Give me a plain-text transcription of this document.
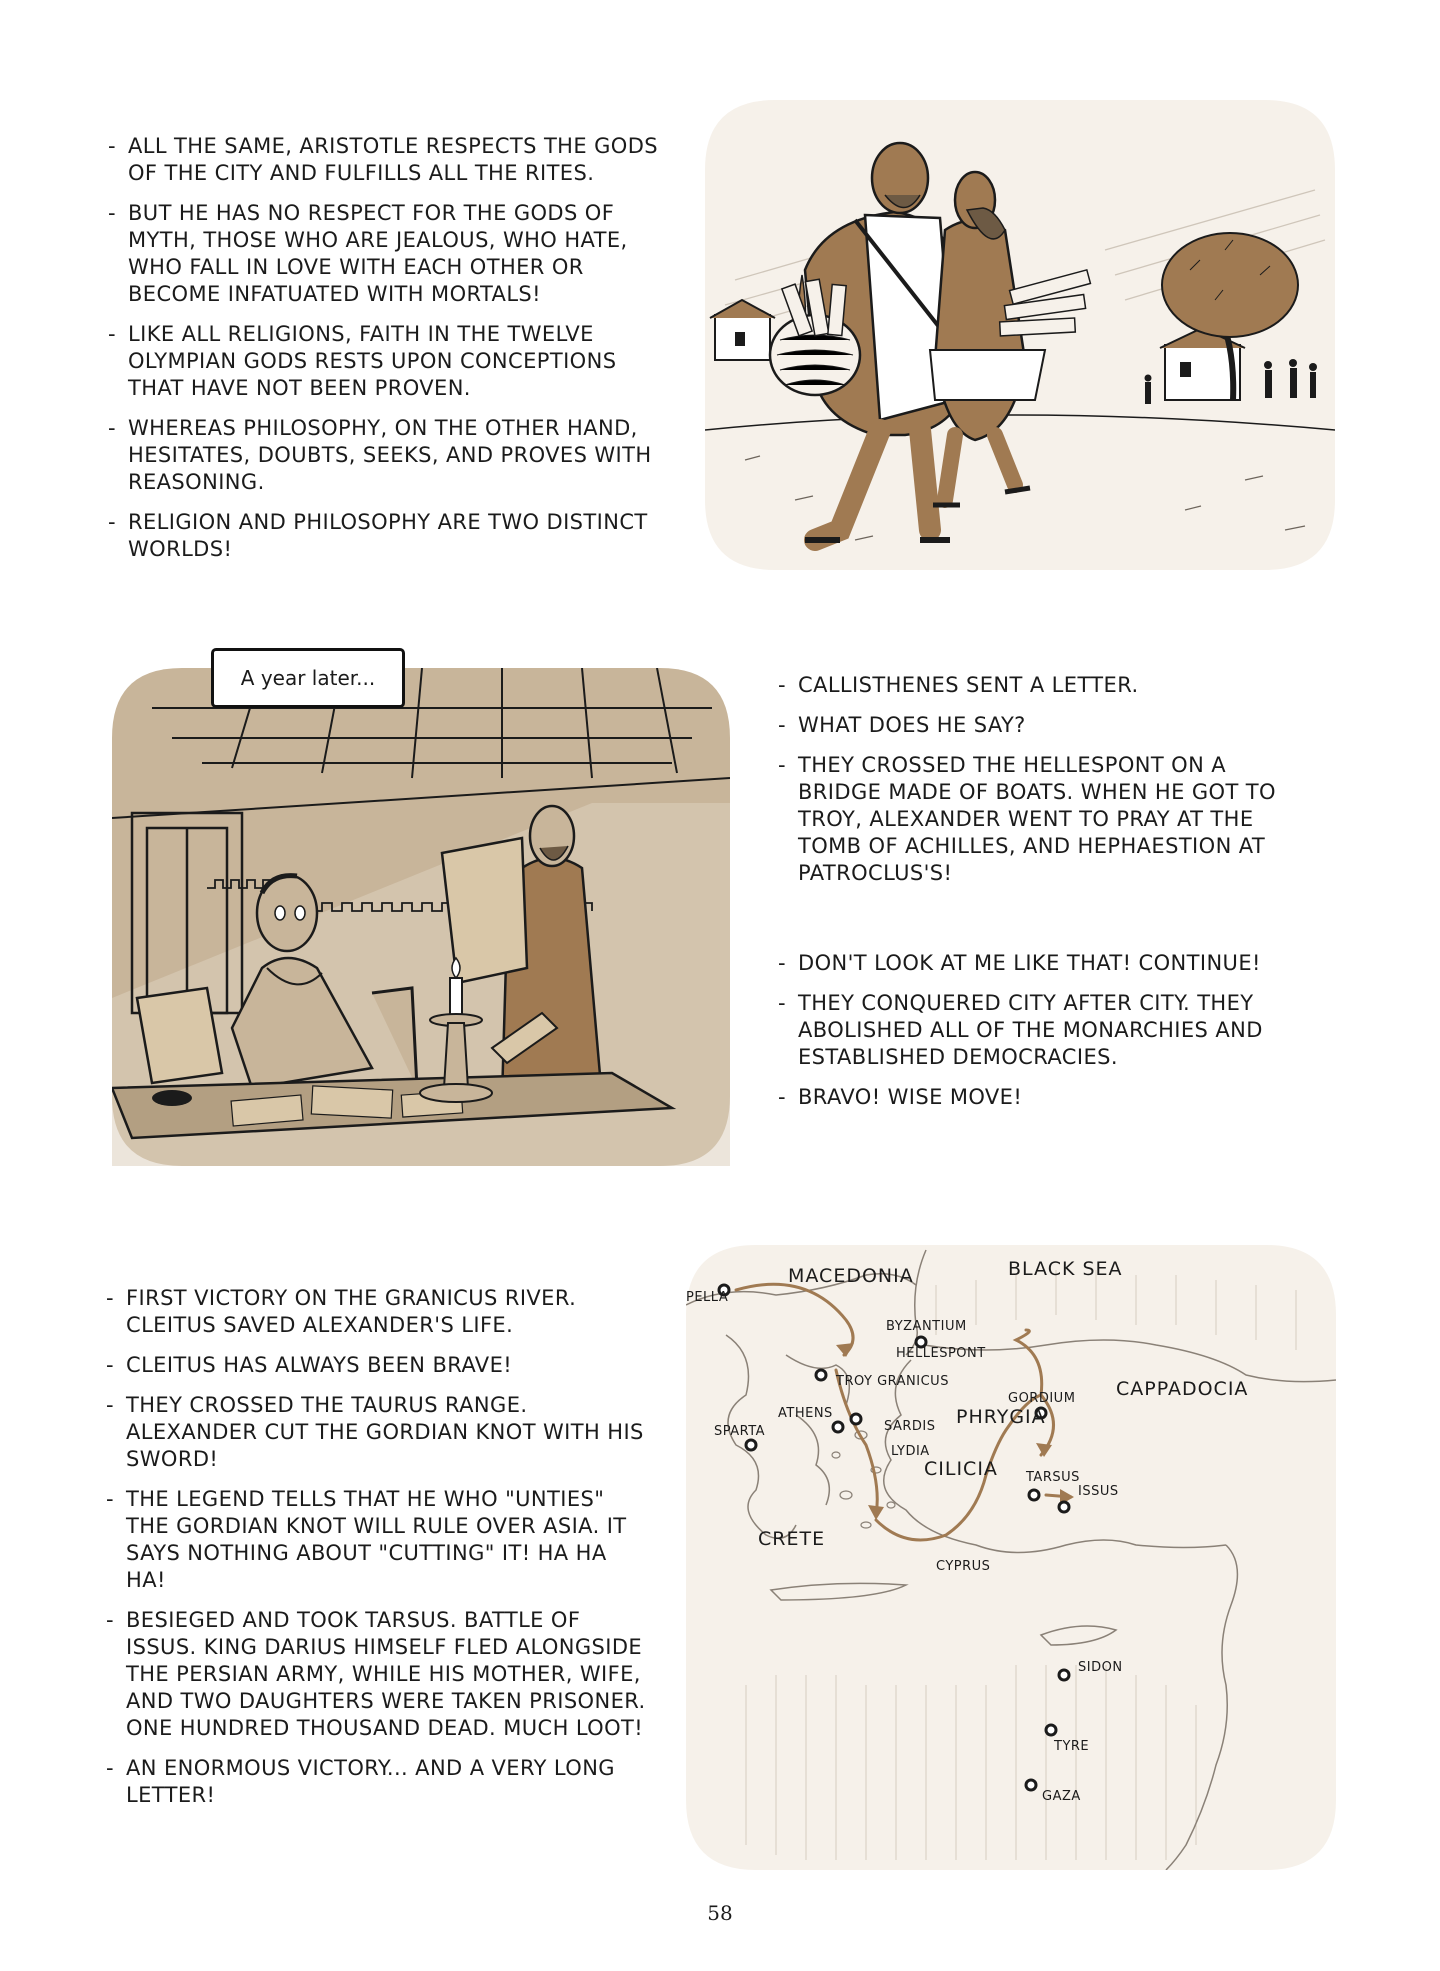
- ALL THE SAME, ARISTOTLE RESPECTS THE GODS OF THE CITY AND FULFILLS ALL THE RITES.
- BUT HE HAS NO RESPECT FOR THE GODS OF MYTH, THOSE WHO ARE JEALOUS, WHO HATE, WHO FALL IN LOVE WITH EACH OTHER OR BECOME INFATUATED WITH MORTALS!
- LIKE ALL RELIGIONS, FAITH IN THE TWELVE OLYMPIAN GODS RESTS UPON CONCEPTIONS THAT HAVE NOT BEEN PROVEN.
- WHEREAS PHILOSOPHY, ON THE OTHER HAND, HESITATES, DOUBTS, SEEKS, AND PROVES WITH REASONING.
- RELIGION AND PHILOSOPHY ARE TWO DISTINCT WORLDS!
A year later...
-	CALLISTHENES SENT A LETTER.
- WHAT DOES HE SAY?
- THEY CROSSED THE HELLESPONT ON A BRIDGE MADE OF BOATS. WHEN HE GOT TO TROY, ALEXANDER WENT TO PRAY AT THE TOMB OF ACHILLES, AND HEPHAESTION AT PATROCLUS'S!
- DON'T LOOK AT ME LIKE THAT! CONTINUE!
- THEY CONQUERED CITY AFTER CITY. THEY ABOLISHED ALL OF THE MONARCHIES AND ESTABLISHED DEMOCRACIES.
- BRAVO! WISE MOVE!
- FIRST VICTORY ON THE GRANICUS RIVER. CLEITUS SAVED ALEXANDER'S LIFE.
- CLEITUS HAS ALWAYS BEEN BRAVE!
- THEY CROSSED THE TAURUS RANGE. ALEXANDER CUT THE GORDIAN KNOT WITH HIS SWORD!
- THE LEGEND TELLS THAT HE WHO "UNTIES" THE GORDIAN KNOT WILL RULE OVER ASIA. IT SAYS NOTHING ABOUT "CUTTING" IT! HA HA HA!
- BESIEGED AND TOOK TARSUS. BATTLE OF ISSUS. KING DARIUS HIMSELF FLED ALONGSIDE THE PERSIAN ARMY, WHILE HIS MOTHER, WIFE, AND TWO DAUGHTERS WERE TAKEN PRISONER. ONE HUNDRED THOUSAND DEAD. MUCH LOOT!
- AN ENORMOUS VICTORY... AND A VERY LONG LETTER!
MACEDONIA	BLACK SEA
CAPPADOCIA
PHRYGIA
CILICIA
CRETE
CYPRUS
LYDIA
PELLA
BYZANTIUM
HELLESPONT
TROY GRANICUS
ATHENS
SPARTA	SARDIS
GORDIUM
TARSUS
ISSUS
SIDON
TYRE
GAZA
58
